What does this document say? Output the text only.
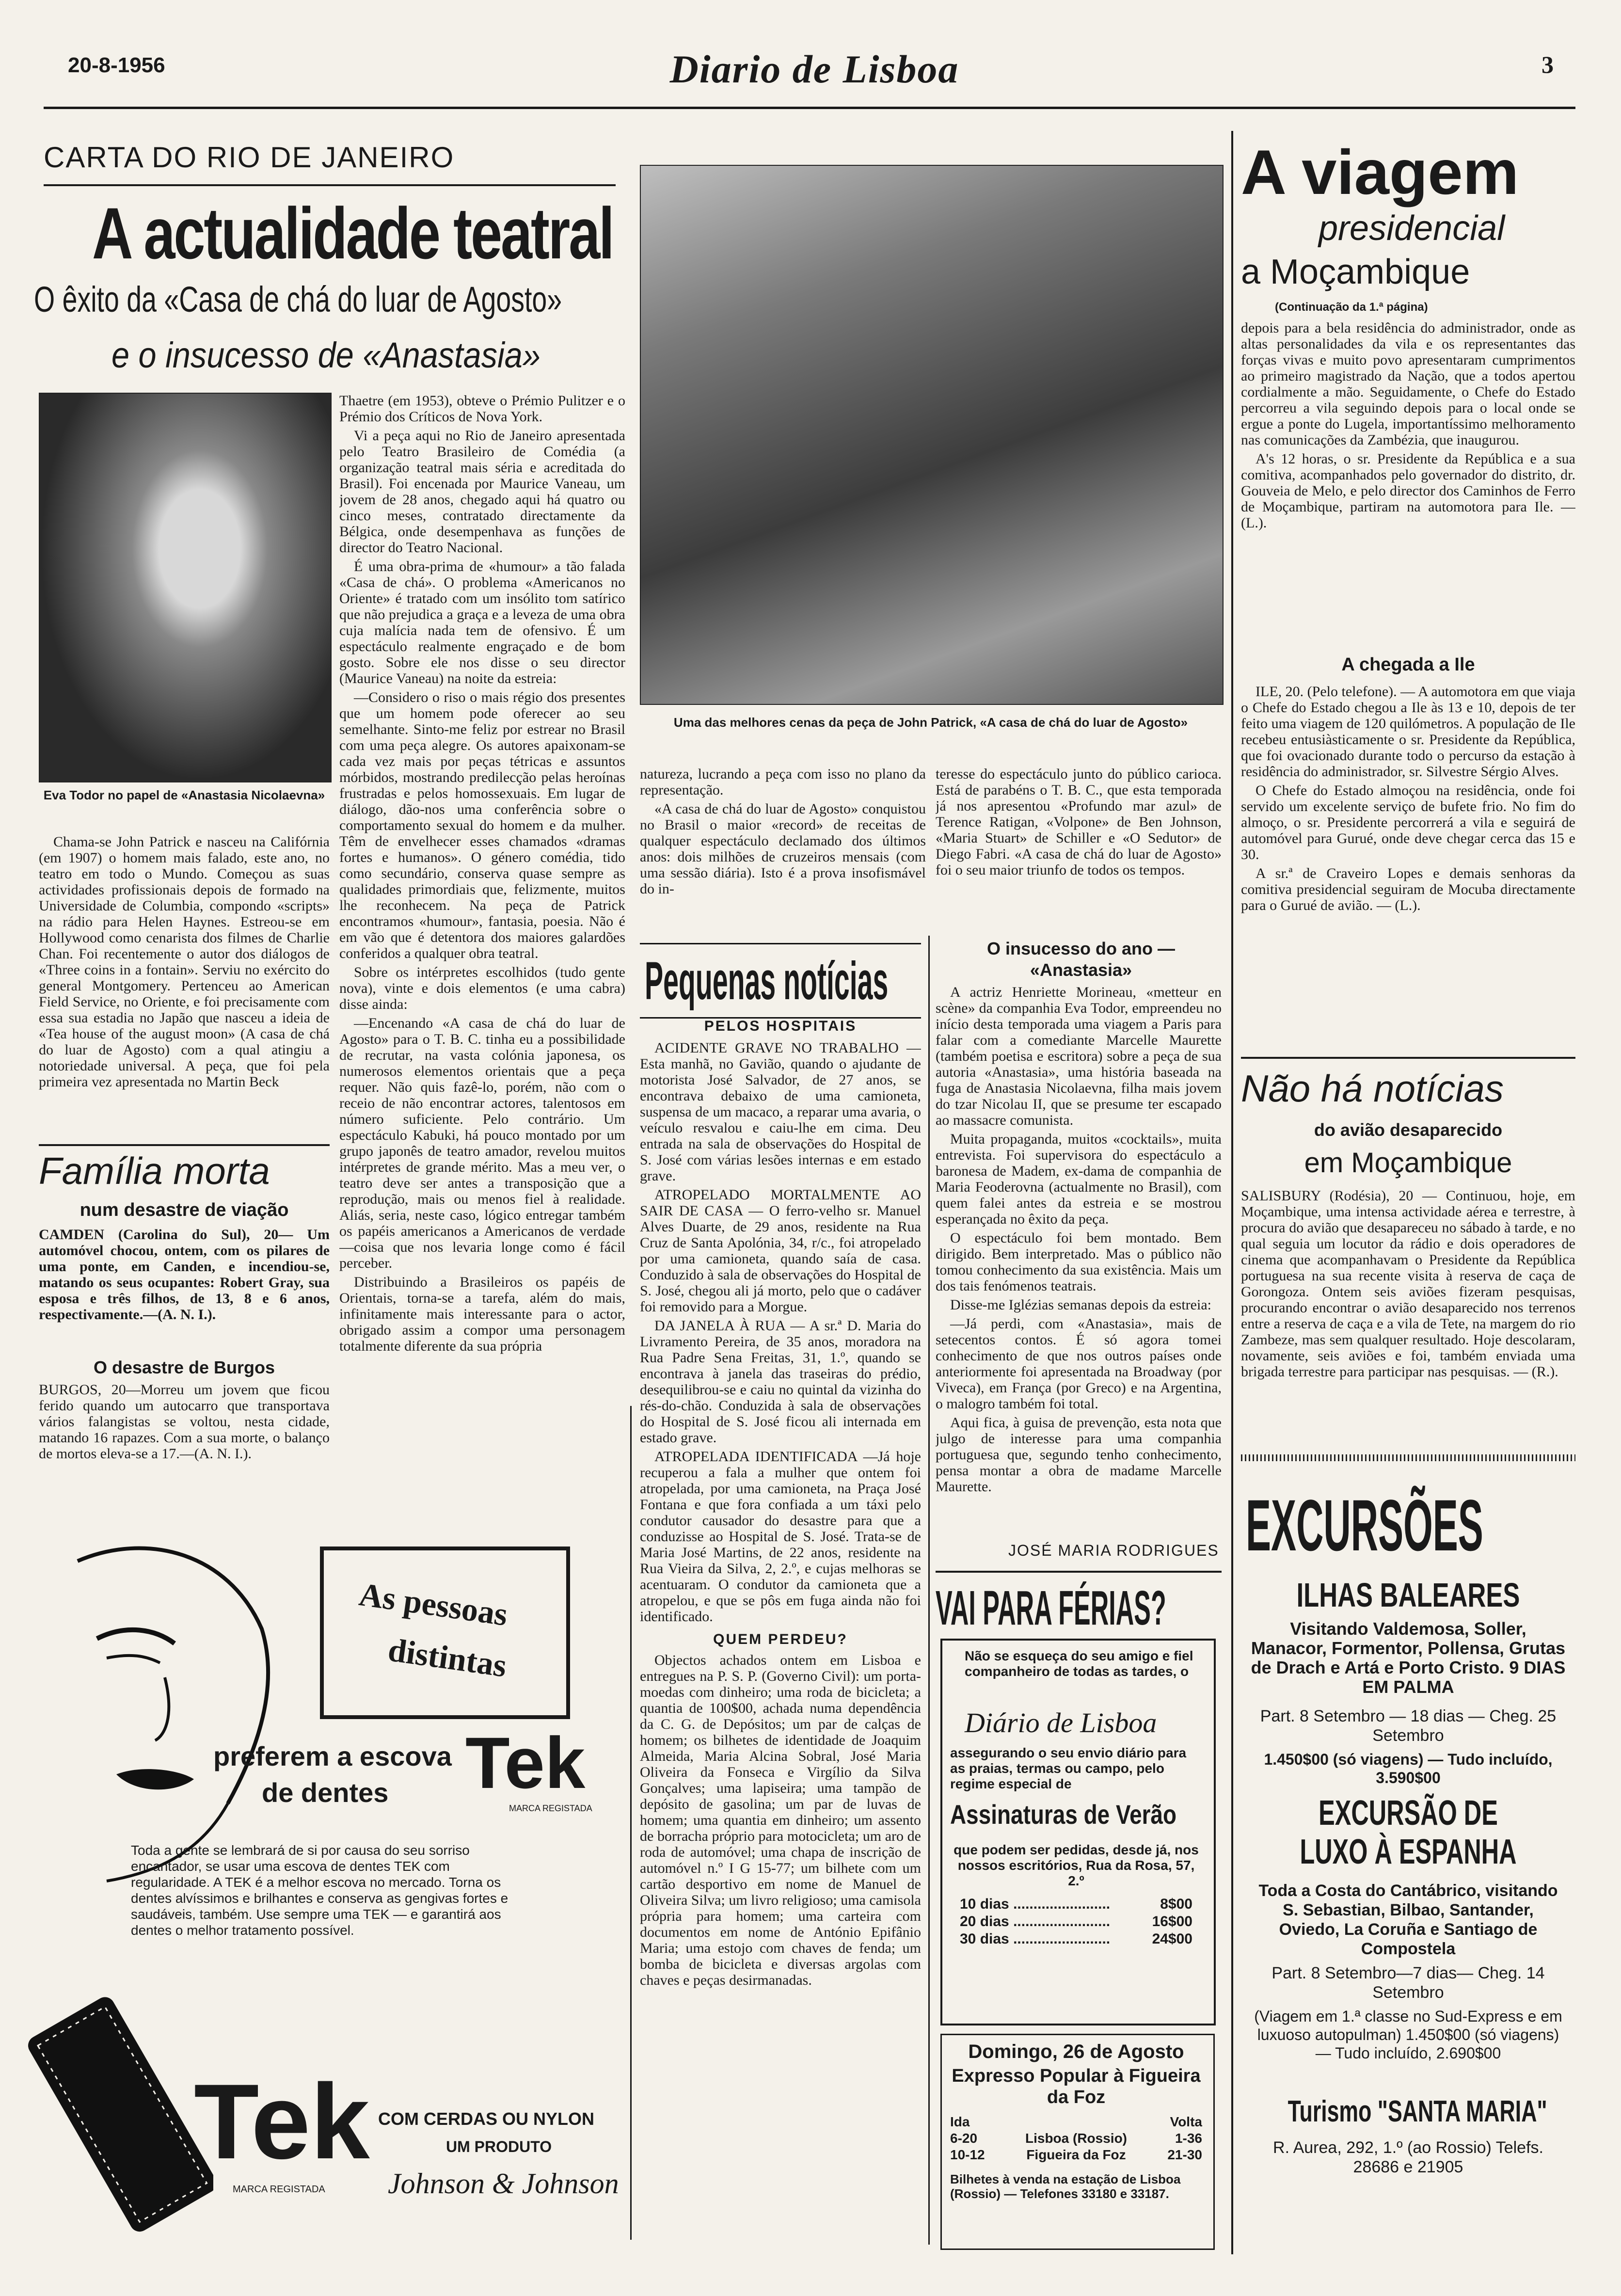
20-8-1956	Diario de Lisboa	3
CARTA DO RIO DE JANEIRO
A actualidade teatral
O êxito da «Casa de chá do luar de Agosto»
e o insucesso de «Anastasia»
Eva Todor no papel de «Anastasia Nicolaevna»

Chama-se John Patrick e nasceu na Califórnia (em 1907) o homem mais falado, este ano, no teatro em todo o Mundo. Começou as suas actividades profissionais depois de formado na Universidade de Columbia, compondo «scripts» na rádio para Helen Haynes. Estreou-se em Hollywood como cenarista dos filmes de Charlie Chan. Foi recentemente o autor dos diálogos de «Three coins in a fontain». Serviu no exército do general Montgomery. Pertenceu ao American Field Service, no Oriente, e foi precisamente com essa sua estadia no Japão que nasceu a ideia de «Tea house of the august moon» (A casa de chá do luar de Agosto) com a qual atingiu a notoriedade universal. A peça, que foi pela primeira vez apresentada no Martin Beck

Thaetre (em 1953), obteve o Prémio Pulitzer e o Prémio dos Críticos de Nova York.

Vi a peça aqui no Rio de Janeiro apresentada pelo Teatro Brasileiro de Comédia (a organização teatral mais séria e acreditada do Brasil). Foi encenada por Maurice Vaneau, um jovem de 28 anos, chegado aqui há quatro ou cinco meses, contratado directamente da Bélgica, onde desempenhava as funções de director do Teatro Nacional.

É uma obra-prima de «humour» a tão falada «Casa de chá». O problema «Americanos no Oriente» é tratado com um insólito tom satírico que não prejudica a graça e a leveza de uma obra cuja malícia nada tem de ofensivo. É um espectáculo realmente engraçado e de bom gosto. Sobre ele nos disse o seu director (Maurice Vaneau) na noite da estreia:

—Considero o riso o mais régio dos presentes que um homem pode oferecer ao seu semelhante. Sinto-me feliz por estrear no Brasil com uma peça alegre. Os autores apaixonam-se cada vez mais por peças tétricas e assuntos mórbidos, mostrando predilecção pelas heroínas frustradas e pelos homossexuais. Em lugar de diálogo, dão-nos uma conferência sobre o comportamento sexual do homem e da mulher. Têm de envelhecer esses chamados «dramas fortes e humanos». O género comédia, tido como secundário, conserva quase sempre as qualidades primordiais que, felizmente, muitos lhe reconhecem. Na peça de Patrick encontramos «humour», fantasia, poesia. Não é em vão que é detentora dos maiores galardões conferidos a qualquer obra teatral.

Sobre os intérpretes escolhidos (tudo gente nova), vinte e dois elementos (e uma cabra) disse ainda:

—Encenando «A casa de chá do luar de Agosto» para o T. B. C. tinha eu a possibilidade de recrutar, na vasta colónia japonesa, os numerosos elementos orientais que a peça requer. Não quis fazê-lo, porém, não com o receio de não encontrar actores, talentosos em número suficiente. Pelo contrário. Um espectáculo Kabuki, há pouco montado por um grupo japonês de teatro amador, revelou muitos intérpretes de grande mérito. Mas a meu ver, o teatro deve ser antes a transposição que a reprodução, mais ou menos fiel à realidade. Aliás, seria, neste caso, lógico entregar também os papéis americanos a Americanos de verdade—coisa que nos levaria longe como é fácil perceber.

Distribuindo a Brasileiros os papéis de Orientais, torna-se a tarefa, além do mais, infinitamente mais interessante para o actor, obrigado assim a compor uma personagem totalmente diferente da sua própria

Uma das melhores cenas da peça de John Patrick, «A casa de chá do luar de Agosto»

natureza, lucrando a peça com isso no plano da representação.

«A casa de chá do luar de Agosto» conquistou no Brasil o maior «record» de receitas de qualquer espectáculo declamado dos últimos anos: dois milhões de cruzeiros mensais (com uma sessão diária). Isto é a prova insofismável do in-

teresse do espectáculo junto do público carioca. Está de parabéns o T. B. C., que esta temporada já nos apresentou «Profundo mar azul» de Terence Ratigan, «Volpone» de Ben Johnson, «Maria Stuart» de Schiller e «O Sedutor» de Diego Fabri. «A casa de chá do luar de Agosto» foi o seu maior triunfo de todos os tempos.

O insucesso do ano — «Anastasia»

A actriz Henriette Morineau, «metteur en scène» da companhia Eva Todor, empreendeu no início desta temporada uma viagem a Paris para falar com a comediante Marcelle Maurette (também poetisa e escritora) sobre a peça de sua autoria «Anastasia», uma história baseada na fuga de Anastasia Nicolaevna, filha mais jovem do tzar Nicolau II, que se presume ter escapado ao massacre comunista.

Muita propaganda, muitos «cocktails», muita entrevista. Foi supervisora do espectáculo a baronesa de Madem, ex-dama de companhia de Maria Feoderovna (actualmente no Brasil), com quem falei antes da estreia e se mostrou esperançada no êxito da peça.

O espectáculo foi bem montado. Bem dirigido. Bem interpretado. Mas o público não tomou conhecimento da sua existência. Mais um dos tais fenómenos teatrais.

Disse-me Iglézias semanas depois da estreia:

—Já perdi, com «Anastasia», mais de setecentos contos. É só agora tomei conhecimento de que nos outros países onde anteriormente foi apresentada na Broadway (por Viveca), em França (por Greco) e na Argentina, o malogro também foi total.

Aqui fica, à guisa de prevenção, esta nota que julgo de interesse para uma companhia portuguesa que, segundo tenho conhecimento, pensa montar a obra de madame Marcelle Maurette.

JOSÉ MARIA RODRIGUES
Família morta
num desastre de viação
CAMDEN (Carolina do Sul), 20— Um automóvel chocou, ontem, com os pilares de uma ponte, em Canden, e incendiou-se, matando os seus ocupantes: Robert Gray, sua esposa e três filhos, de 13, 8 e 6 anos, respectivamente.—(A. N. I.).
O desastre de Burgos
BURGOS, 20—Morreu um jovem que ficou ferido quando um autocarro que transportava vários falangistas se voltou, nesta cidade, matando 16 rapazes. Com a sua morte, o balanço de mortos eleva-se a 17.—(A. N. I.).
As pessoas
distintas
preferem a escova
de dentes Tek
MARCA REGISTADA
Toda a gente se lembrará de si por causa do seu sorriso encantador, se usar uma escova de dentes TEK com regularidade. A TEK é a melhor escova no mercado. Torna os dentes alvíssimos e brilhantes e conserva as gengivas fortes e saudáveis, também. Use sempre uma TEK — e garantirá aos dentes o melhor tratamento possível.
Tek
MARCA REGISTADA
COM CERDAS OU NYLON
UM PRODUTO
Johnson & Johnson
Pequenas notícias
PELOS HOSPITAIS

ACIDENTE GRAVE NO TRABALHO — Esta manhã, no Gavião, quando o ajudante de motorista José Salvador, de 27 anos, se encontrava debaixo de uma camioneta, suspensa de um macaco, a reparar uma avaria, o veículo resvalou e caiu-lhe em cima. Deu entrada na sala de observações do Hospital de S. José com várias lesões internas e em estado grave.

ATROPELADO MORTALMENTE AO SAIR DE CASA — O ferro-velho sr. Manuel Alves Duarte, de 29 anos, residente na Rua Cruz de Santa Apolónia, 34, r/c., foi atropelado por uma camioneta, quando saía de casa. Conduzido à sala de observações do Hospital de S. José, chegou ali já morto, pelo que o cadáver foi removido para a Morgue.

DA JANELA À RUA — A sr.ª D. Maria do Livramento Pereira, de 35 anos, moradora na Rua Padre Sena Freitas, 31, 1.º, quando se encontrava à janela das traseiras do prédio, desequilibrou-se e caiu no quintal da vizinha do rés-do-chão. Conduzida à sala de observações do Hospital de S. José ficou ali internada em estado grave.

ATROPELADA IDENTIFICADA —Já hoje recuperou a fala a mulher que ontem foi atropelada, por uma camioneta, na Praça José Fontana e que fora confiada a um táxi pelo condutor causador do desastre para que a conduzisse ao Hospital de S. José. Trata-se de Maria José Martins, de 22 anos, residente na Rua Vieira da Silva, 2, 2.º, e cujas melhoras se acentuaram. O condutor da camioneta que a atropelou, e que se pôs em fuga ainda não foi identificado.

QUEM PERDEU?

Objectos achados ontem em Lisboa e entregues na P. S. P. (Governo Civil): um porta-moedas com dinheiro; uma roda de bicicleta; a quantia de 100$00, achada numa dependência da C. G. de Depósitos; um par de calças de homem; os bilhetes de identidade de Joaquim Almeida, Maria Alcina Sobral, José Maria Oliveira da Fonseca e Virgílio da Silva Gonçalves; uma lapiseira; uma tampão de depósito de gasolina; um par de luvas de homem; uma quantia em dinheiro; um assento de borracha próprio para motocicleta; um aro de roda de automóvel; uma chapa de inscrição de automóvel n.º I G 15-77; um bilhete com um cartão desportivo em nome de Manuel de Oliveira Silva; um livro religioso; uma camisola própria para homem; uma carteira com documentos em nome de António Epifânio Maria; uma estojo com chaves de fenda; um bomba de bicicleta e diversas argolas com chaves e peças desirmanadas.

VAI PARA FÉRIAS?
Não se esqueça do seu amigo e fiel companheiro de todas as tardes, o
Diário de Lisboa
assegurando o seu envio diário para as praias, termas ou campo, pelo regime especial de
Assinaturas de Verão
que podem ser pedidas, desde já, nos nossos escritórios, Rua da Rosa, 57, 2.º
10 dias ........................	8$00
20 dias ........................	16$00
30 dias ........................	24$00
Domingo, 26 de Agosto
Expresso Popular à Figueira da Foz
Ida	Volta
6-20	Lisboa (Rossio)	1-36
10-12	Figueira da Foz	21-30
Bilhetes à venda na estação de Lisboa (Rossio) — Telefones 33180 e 33187.
A viagem
presidencial
a Moçambique
(Continuação da 1.ª página)

depois para a bela residência do administrador, onde as altas personalidades da vila e os representantes das forças vivas e muito povo apresentaram cumprimentos ao primeiro magistrado da Nação, que a todos apertou cordialmente a mão. Seguidamente, o Chefe do Estado percorreu a vila seguindo depois para o local onde se ergue a ponte do Lugela, importantíssimo melhoramento nas comunicações da Zambézia, que inaugurou.

A's 12 horas, o sr. Presidente da República e a sua comitiva, acompanhados pelo governador do distrito, dr. Gouveia de Melo, e pelo director dos Caminhos de Ferro de Moçambique, partiram na automotora para Ile. — (L.).

A chegada a Ile

ILE, 20. (Pelo telefone). — A automotora em que viaja o Chefe do Estado chegou a Ile às 13 e 10, depois de ter feito uma viagem de 120 quilómetros. A população de Ile recebeu entusiàsticamente o sr. Presidente da República, que foi ovacionado durante todo o percurso da estação à residência do administrador, sr. Silvestre Sérgio Alves.

O Chefe do Estado almoçou na residência, onde foi servido um excelente serviço de bufete frio. No fim do almoço, o sr. Presidente percorrerá a vila e seguirá de automóvel para Gurué, onde deve chegar cerca das 15 e 30.

A sr.ª de Craveiro Lopes e demais senhoras da comitiva presidencial seguiram de Mocuba directamente para o Gurué de avião. — (L.).

Não há notícias
do avião desaparecido
em Moçambique
SALISBURY (Rodésia), 20 — Continuou, hoje, em Moçambique, uma intensa actividade aérea e terrestre, à procura do avião que desapareceu no sábado à tarde, e no qual seguia um locutor da rádio e dois operadores de cinema que acompanhavam o Presidente da República portuguesa na sua recente visita à reserva de caça de Gorongoza. Ontem seis aviões fizeram pesquisas, procurando encontrar o avião desaparecido nos terrenos entre a reserva de caça e a vila de Tete, na margem do rio Zambeze, mas sem qualquer resultado. Hoje descolaram, novamente, seis aviões e foi, também enviada uma brigada terrestre para participar nas pesquisas. — (R.).
EXCURSÕES
ILHAS BALEARES
Visitando Valdemosa, Soller, Manacor, Formentor, Pollensa, Grutas de Drach e Artá e Porto Cristo. 9 DIAS EM PALMA
Part. 8 Setembro — 18 dias — Cheg. 25 Setembro
1.450$00 (só viagens) — Tudo incluído, 3.590$00
EXCURSÃO DE LUXO À ESPANHA
Toda a Costa do Cantábrico, visitando S. Sebastian, Bilbao, Santander, Oviedo, La Coruña e Santiago de Compostela
Part. 8 Setembro—7 dias— Cheg. 14 Setembro
(Viagem em 1.ª classe no Sud-Express e em luxuoso autopulman) 1.450$00 (só viagens) — Tudo incluído, 2.690$00
Turismo "SANTA MARIA"
R. Aurea, 292, 1.º (ao Rossio) Telefs. 28686 e 21905
